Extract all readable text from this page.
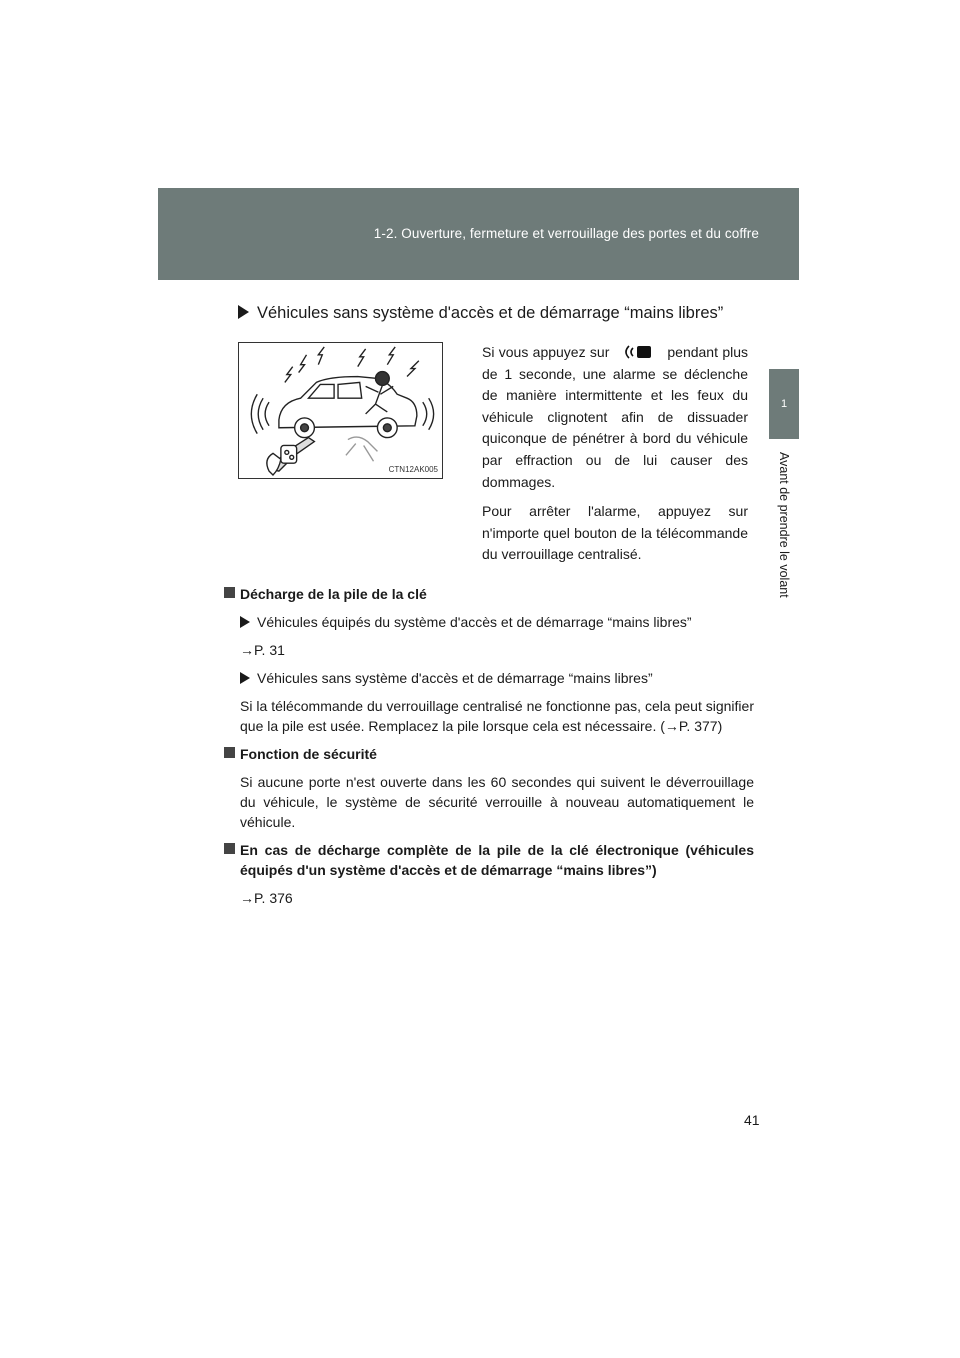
1-2. Ouverture, fermeture et verrouillage des portes et du coffre
1
Avant de prendre le volant
Véhicules sans système d'accès et de démarrage “mains libres”
CTN12AK005

Si vous appuyez sur	pendant plus de 1 seconde, une alarme se déclenche de manière intermittente et les feux du véhicule clignotent afin de dissuader quiconque de pénétrer à bord du véhicule par effraction ou de lui causer des dommages.

Pour arrêter l'alarme, appuyez sur n'importe quel bouton de la télécommande du verrouillage centralisé.

Décharge de la pile de la clé
Véhicules équipés du système d'accès et de démarrage “mains libres”
→P. 31
Véhicules sans système d'accès et de démarrage “mains libres”
Si la télécommande du verrouillage centralisé ne fonctionne pas, cela peut signifier que la pile est usée. Remplacez la pile lorsque cela est nécessaire. (→P. 377)
Fonction de sécurité
Si aucune porte n'est ouverte dans les 60 secondes qui suivent le déverrouillage du véhicule, le système de sécurité verrouille à nouveau automatiquement le véhicule.
En cas de décharge complète de la pile de la clé électronique (véhicules équipés d'un système d'accès et de démarrage “mains libres”)
→P. 376
41
